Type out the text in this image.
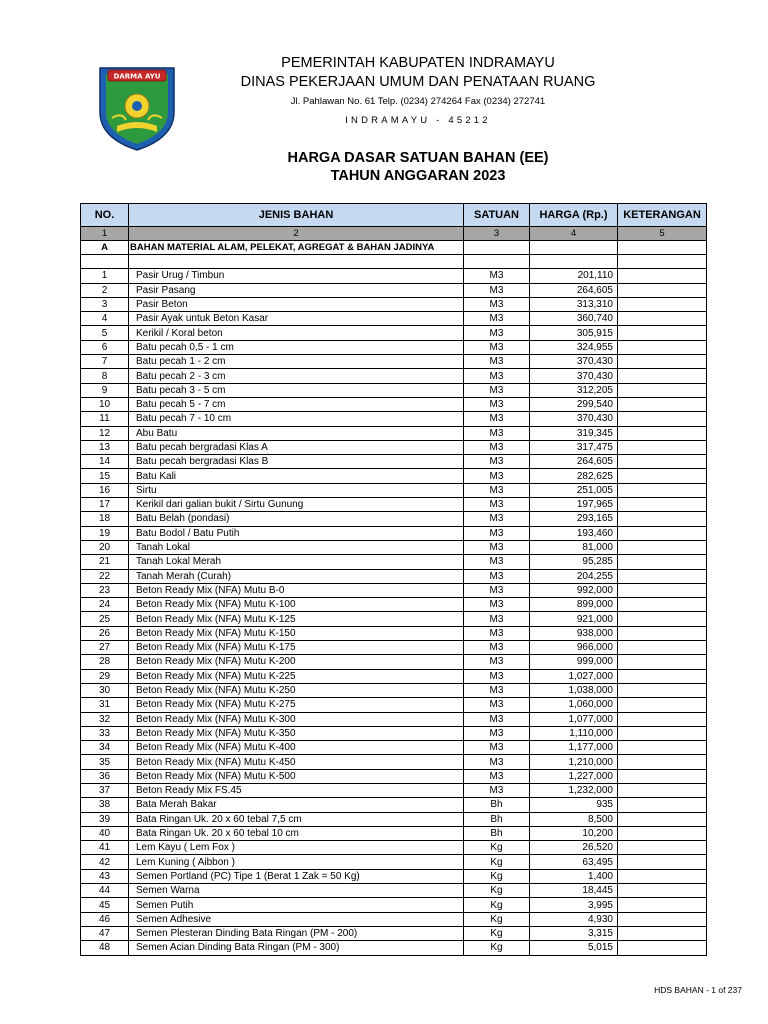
DARMA AYU
PEMERINTAH KABUPATEN INDRAMAYU
DINAS PEKERJAAN UMUM DAN PENATAAN RUANG
Jl. Pahlawan No. 61 Telp. (0234) 274264 Fax (0234) 272741
INDRAMAYU - 45212
HARGA DASAR SATUAN BAHAN (EE)
TAHUN ANGGARAN 2023
NO.	JENIS BAHAN	SATUAN	HARGA (Rp.)	KETERANGAN
1	2	3	4	5
A	BAHAN MATERIAL ALAM, PELEKAT, AGREGAT & BAHAN JADINYA			

1	Pasir Urug / Timbun	M3	201,110	
2	Pasir Pasang	M3	264,605	
3	Pasir Beton	M3	313,310	
4	Pasir Ayak untuk Beton Kasar	M3	360,740	
5	Kerikil / Koral beton	M3	305,915	
6	Batu pecah 0,5 - 1 cm	M3	324,955	
7	Batu pecah 1 - 2 cm	M3	370,430	
8	Batu pecah 2 - 3 cm	M3	370,430	
9	Batu pecah 3 - 5 cm	M3	312,205	
10	Batu pecah 5 - 7 cm	M3	299,540	
11	Batu pecah 7 - 10 cm	M3	370,430	
12	Abu Batu	M3	319,345	
13	Batu pecah bergradasi Klas A	M3	317,475	
14	Batu pecah bergradasi Klas B	M3	264,605	
15	Batu Kali	M3	282,625	
16	Sirtu	M3	251,005	
17	Kerikil dari galian bukit / Sirtu Gunung	M3	197,965	
18	Batu Belah (pondasi)	M3	293,165	
19	Batu Bodol / Batu Putih	M3	193,460	
20	Tanah Lokal	M3	81,000	
21	Tanah Lokal Merah	M3	95,285	
22	Tanah Merah (Curah)	M3	204,255	
23	Beton Ready Mix (NFA) Mutu B-0	M3	992,000	
24	Beton Ready Mix (NFA) Mutu K-100	M3	899,000	
25	Beton Ready Mix (NFA) Mutu K-125	M3	921,000	
26	Beton Ready Mix (NFA) Mutu K-150	M3	938,000	
27	Beton Ready Mix (NFA) Mutu K-175	M3	966,000	
28	Beton Ready Mix (NFA) Mutu K-200	M3	999,000	
29	Beton Ready Mix (NFA) Mutu K-225	M3	1,027,000	
30	Beton Ready Mix (NFA) Mutu K-250	M3	1,038,000	
31	Beton Ready Mix (NFA) Mutu K-275	M3	1,060,000	
32	Beton Ready Mix (NFA) Mutu K-300	M3	1,077,000	
33	Beton Ready Mix (NFA) Mutu K-350	M3	1,110,000	
34	Beton Ready Mix (NFA) Mutu K-400	M3	1,177,000	
35	Beton Ready Mix (NFA) Mutu K-450	M3	1,210,000	
36	Beton Ready Mix (NFA) Mutu K-500	M3	1,227,000	
37	Beton Ready Mix FS.45	M3	1,232,000	
38	Bata Merah Bakar	Bh	935	
39	Bata Ringan Uk. 20 x 60 tebal 7,5 cm	Bh	8,500	
40	Bata Ringan Uk. 20 x 60 tebal 10 cm	Bh	10,200	
41	Lem Kayu ( Lem Fox )	Kg	26,520	
42	Lem Kuning ( Aibbon )	Kg	63,495	
43	Semen Portland (PC) Tipe 1 (Berat 1 Zak = 50 Kg)	Kg	1,400	
44	Semen Warna	Kg	18,445	
45	Semen Putih	Kg	3,995	
46	Semen Adhesive	Kg	4,930	
47	Semen Plesteran Dinding Bata Ringan (PM - 200)	Kg	3,315	
48	Semen Acian Dinding Bata Ringan (PM - 300)	Kg	5,015	
HDS BAHAN - 1 of 237
